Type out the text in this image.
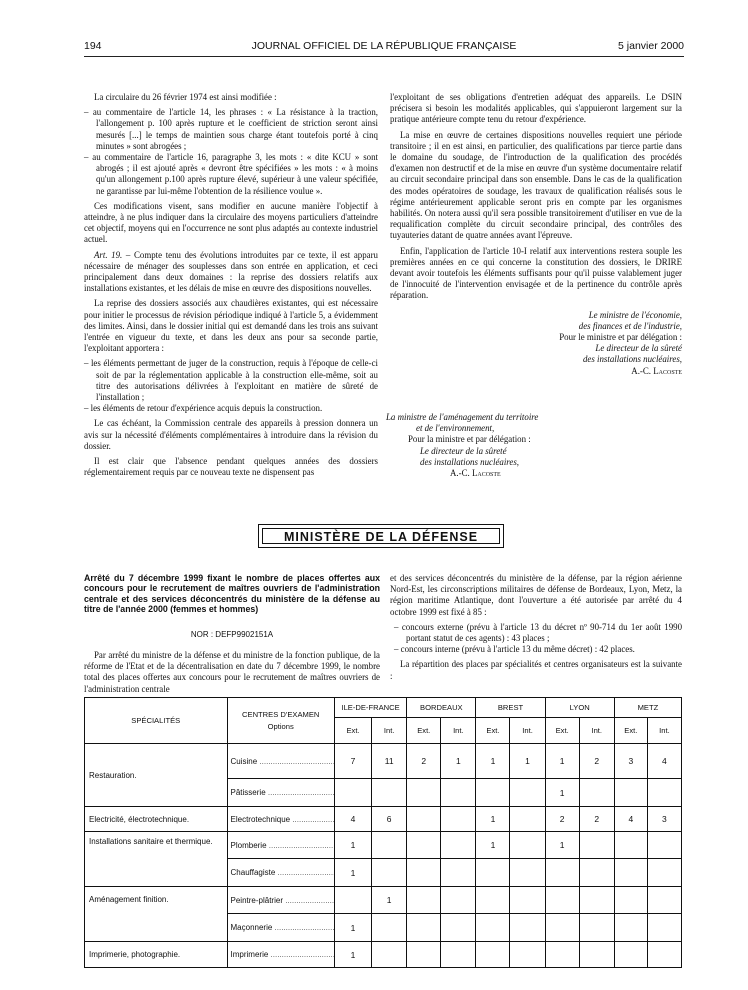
194	JOURNAL OFFICIEL DE LA RÉPUBLIQUE FRANÇAISE	5 janvier 2000

La circulaire du 26 février 1974 est ainsi modifiée :

– au commentaire de l'article 14, les phrases : « La résistance à la traction, l'allongement p. 100 après rupture et le coefficient de striction seront ainsi mesurés [...] le temps de maintien sous charge étant toutefois porté à cinq minutes » sont abrogées ;
– au commentaire de l'article 16, paragraphe 3, les mots : « dite KCU » sont abrogés ; il est ajouté après « devront être spécifiées » les mots : « à moins qu'un allongement p.100 après rupture élevé, supérieur à une valeur spécifiée, ne garantisse par lui-même l'obtention de la résilience voulue ».

Ces modifications visent, sans modifier en aucune manière l'objectif à atteindre, à ne plus indiquer dans la circulaire des moyens particuliers d'atteindre cet objectif, moyens qui en l'occurrence ne sont plus adaptés au contexte industriel actuel.

Art. 19. – Compte tenu des évolutions introduites par ce texte, il est apparu nécessaire de ménager des souplesses dans son entrée en application, et ceci principalement dans deux domaines : la reprise des dossiers relatifs aux installations existantes, et les délais de mise en œuvre des dispositions nouvelles.

La reprise des dossiers associés aux chaudières existantes, qui est nécessaire pour initier le processus de révision périodique indiqué à l'article 5, a évidemment des limites. Ainsi, dans le dossier initial qui est demandé dans les trois ans suivant l'entrée en vigueur du texte, et dans les deux ans pour sa seconde partie, l'exploitant apportera :

– les éléments permettant de juger de la construction, requis à l'époque de celle-ci soit de par la réglementation applicable à la construction elle-même, soit au titre des autorisations délivrées à l'exploitant en matière de sûreté de l'installation ;
– les éléments de retour d'expérience acquis depuis la construction.

Le cas échéant, la Commission centrale des appareils à pression donnera un avis sur la nécessité d'éléments complémentaires à introduire dans la révision du dossier.

Il est clair que l'absence pendant quelques années des dossiers réglementairement requis par ce nouveau texte ne dispensent pas

l'exploitant de ses obligations d'entretien adéquat des appareils. Le DSIN précisera si besoin les modalités applicables, qui s'appuieront largement sur la pratique antérieure compte tenu du retour d'expérience.

La mise en œuvre de certaines dispositions nouvelles requiert une période transitoire ; il en est ainsi, en particulier, des qualifications par tierce partie dans le domaine du soudage, de l'introduction de la qualification des procédés d'examen non destructif et de la mise en œuvre d'un système documentaire relatif au circuit secondaire principal dans son ensemble. Dans le cas de la qualification des modes opératoires de soudage, les travaux de qualification réalisés sous le régime antérieurement applicable seront pris en compte par les organismes habilités. On notera aussi qu'il sera possible transitoirement d'utiliser en vue de la requalification complète du circuit secondaire principal, des contrôles des tuyauteries datant de quatre années avant l'épreuve.

Enfin, l'application de l'article 10-I relatif aux interventions restera souple les premières années en ce qui concerne la constitution des dossiers, le DRIRE devant avoir toutefois les éléments suffisants pour qu'il puisse valablement juger de l'innocuité de l'intervention envisagée et de la pertinence du contrôle après réparation.

Le ministre de l'économie,
des finances et de l'industrie,
Pour le ministre et par délégation :
Le directeur de la sûreté
des installations nucléaires,
A.-C. Lacoste
La ministre de l'aménagement du territoire
et de l'environnement,
Pour la ministre et par délégation :
Le directeur de la sûreté
des installations nucléaires,
A.-C. Lacoste
MINISTÈRE DE LA DÉFENSE
Arrêté du 7 décembre 1999 fixant le nombre de places offertes aux concours pour le recrutement de maîtres ouvriers de l'administration centrale et des services déconcentrés du ministère de la défense au titre de l'année 2000 (femmes et hommes)
NOR : DEFP9902151A

Par arrêté du ministre de la défense et du ministre de la fonction publique, de la réforme de l'Etat et de la décentralisation en date du 7 décembre 1999, le nombre total des places offertes aux concours pour le recrutement de maîtres ouvriers de l'administration centrale

et des services déconcentrés du ministère de la défense, par la région aérienne Nord-Est, les circonscriptions militaires de défense de Bordeaux, Lyon, Metz, la région maritime Atlantique, dont l'ouverture a été autorisée par arrêté du 4 octobre 1999 est fixé à 85 :

– concours externe (prévu à l'article 13 du décret nº 90-714 du 1er août 1990 portant statut de ces agents) : 43 places ;
– concours interne (prévu à l'article 13 du même décret) : 42 places.

La répartition des places par spécialités et centres organisateurs est la suivante :

SPÉCIALITÉS	CENTRES D'EXAMEN
Options	ILE-DE-FRANCE		BORDEAUX		BREST		LYON		METZ	
		Ext.	Int.	Ext.	Int.	Ext.	Int.	Ext.	Int.	Ext.	Int.
Restauration.	Cuisine .....	7	11	2	1	1	1	1	2	3	4
	Pâtisserie .....							1			
Electricité, électrotechnique.	Electrotechnique .....	4	6			1		2	2	4	3
Installations sanitaire et thermique.	Plomberie .....	1				1		1			
	Chauffagiste .....	1									
Aménagement finition.	Peintre-plâtrier .....		1								
	Maçonnerie .....	1									
Imprimerie, photographie.	Imprimerie .....	1									
